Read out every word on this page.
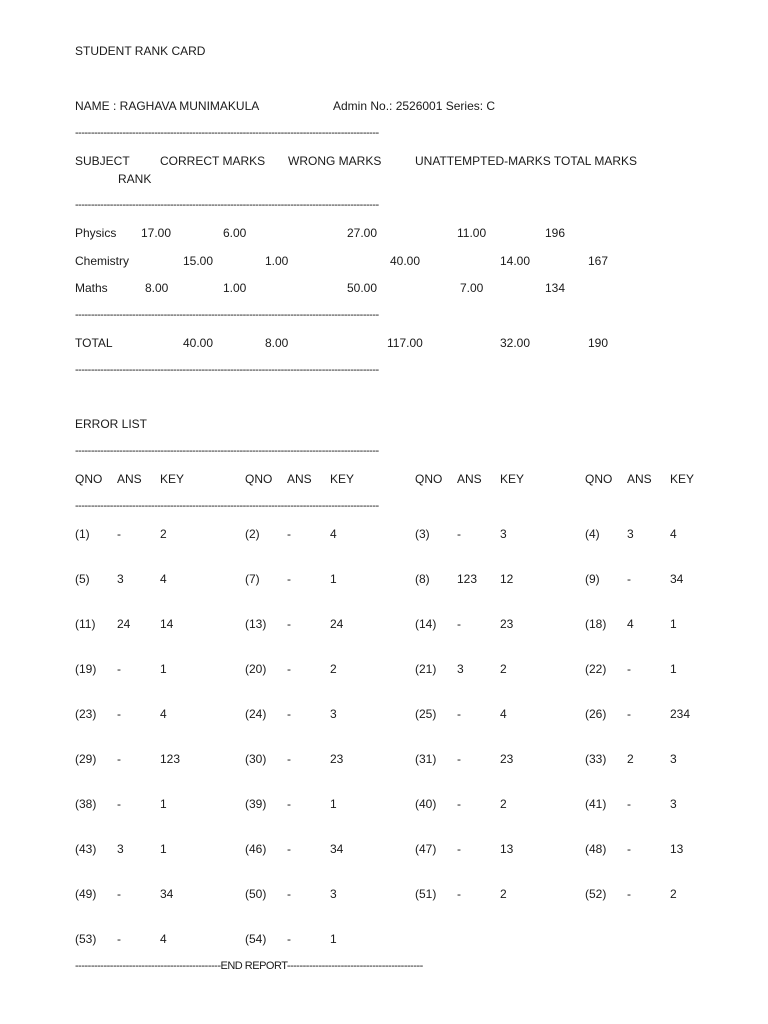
STUDENT RANK CARD
NAME : RAGHAVA MUNIMAKULA	Admin No.: 2526001 Series: C
------------------------------------------------------------------------------------------------
SUBJECT	CORRECT MARKS WRONG MARKS	UNATTEMPTED-MARKS TOTAL MARKS
RANK
------------------------------------------------------------------------------------------------
Physics 17.00	6.00	27.00	11.00	196
Chemistry	15.00	1.00	40.00	14.00	167
Maths	8.00	1.00	50.00	7.00	134
------------------------------------------------------------------------------------------------
TOTAL	40.00	8.00	117.00	32.00	190
------------------------------------------------------------------------------------------------
ERROR LIST
------------------------------------------------------------------------------------------------
QNO ANS KEY	QNO ANS KEY	QNO ANS KEY	QNO ANS KEY
------------------------------------------------------------------------------------------------
(1) -	2	(2) -	4	(3) -	3	(4) 3	4
(5) 3	4	(7) -	1	(8) 123 12	(9) -	34
(11) 24 14	(13) -	24	(14) -	23	(18) 4	1
(19) -	1	(20) -	2	(21) 3	2	(22) -	1
(23) -	4	(24) -	3	(25) -	4	(26) -	234
(29) -	123	(30) -	23	(31) -	23	(33) 2	3
(38) -	1	(39) -	1	(40) -	2	(41) -	3
(43) 3	1	(46) -	34	(47) -	13	(48) -	13
(49) -	34	(50) -	3	(51) -	2	(52) -	2
(53) -	4	(54) -	1
----------------------------------------------END REPORT-------------------------------------------
